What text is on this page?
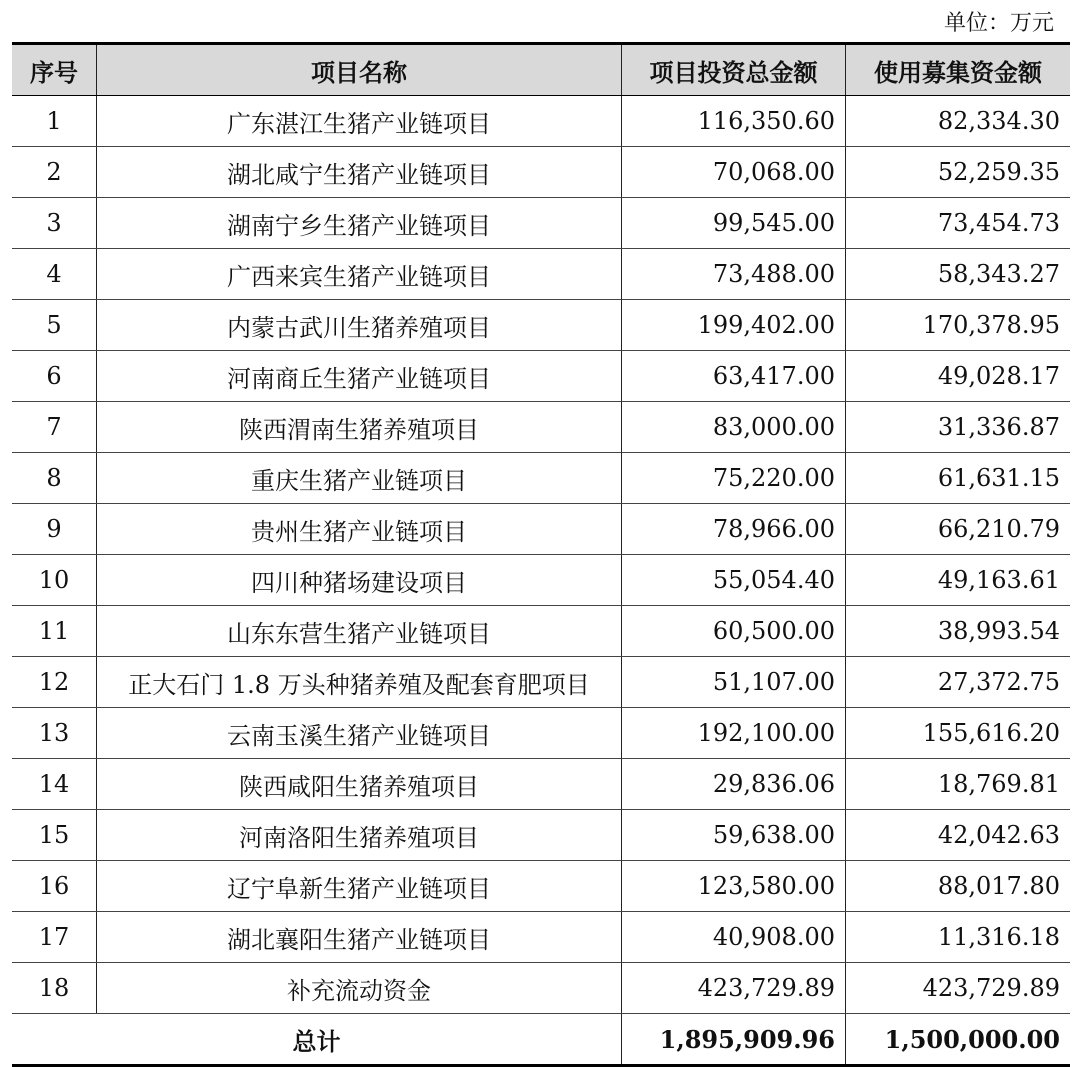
单位：万元
序号	项目名称	项目投资总金额	使用募集资金额
1	广东湛江生猪产业链项目	116,350.60	82,334.30
2	湖北咸宁生猪产业链项目	70,068.00	52,259.35
3	湖南宁乡生猪产业链项目	99,545.00	73,454.73
4	广西来宾生猪产业链项目	73,488.00	58,343.27
5	内蒙古武川生猪养殖项目	199,402.00	170,378.95
6	河南商丘生猪产业链项目	63,417.00	49,028.17
7	陕西渭南生猪养殖项目	83,000.00	31,336.87
8	重庆生猪产业链项目	75,220.00	61,631.15
9	贵州生猪产业链项目	78,966.00	66,210.79
10	四川种猪场建设项目	55,054.40	49,163.61
11	山东东营生猪产业链项目	60,500.00	38,993.54
12	正大石门 1.8 万头种猪养殖及配套育肥项目	51,107.00	27,372.75
13	云南玉溪生猪产业链项目	192,100.00	155,616.20
14	陕西咸阳生猪养殖项目	29,836.06	18,769.81
15	河南洛阳生猪养殖项目	59,638.00	42,042.63
16	辽宁阜新生猪产业链项目	123,580.00	88,017.80
17	湖北襄阳生猪产业链项目	40,908.00	11,316.18
18	补充流动资金	423,729.89	423,729.89
总计		1,895,909.96	1,500,000.00
